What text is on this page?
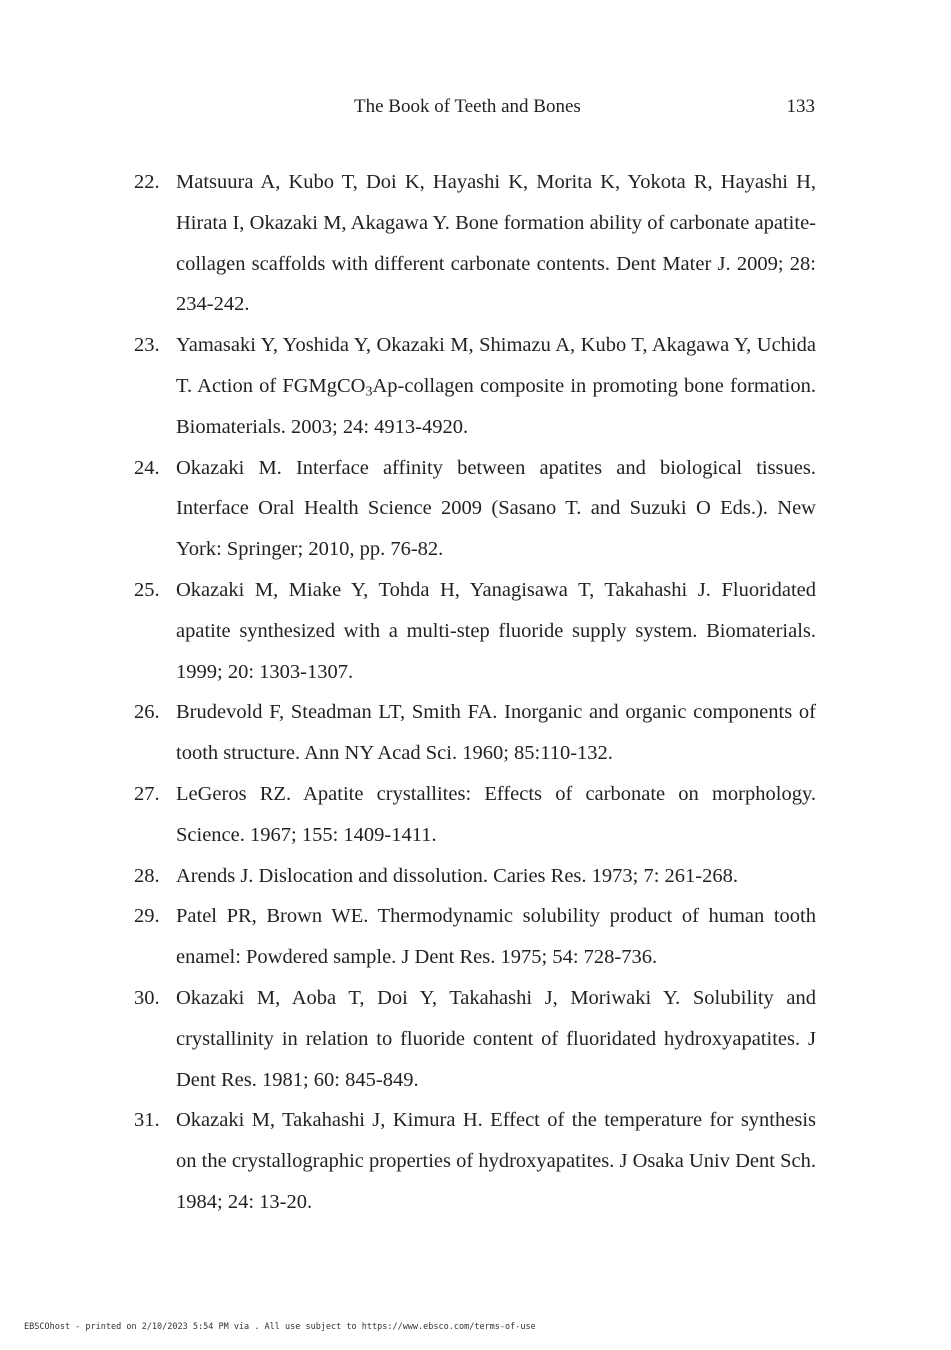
The Book of Teeth and Bones	133
22. Matsuura A, Kubo T, Doi K, Hayashi K, Morita K, Yokota R, Hayashi H, Hirata I, Okazaki M, Akagawa Y. Bone formation ability of carbonate apatite-collagen scaffolds with different carbonate contents. Dent Mater J. 2009; 28: 234-242.
23. Yamasaki Y, Yoshida Y, Okazaki M, Shimazu A, Kubo T, Akagawa Y, Uchida T. Action of FGMgCO$_3$Ap-collagen composite in promoting bone formation. Biomaterials. 2003; 24: 4913-4920.
24. Okazaki M. Interface affinity between apatites and biological tissues. Interface Oral Health Science 2009 (Sasano T. and Suzuki O Eds.). New York: Springer; 2010, pp. 76-82.
25. Okazaki M, Miake Y, Tohda H, Yanagisawa T, Takahashi J. Fluoridated apatite synthesized with a multi-step fluoride supply system. Biomaterials. 1999; 20: 1303-1307.
26. Brudevold F, Steadman LT, Smith FA. Inorganic and organic components of tooth structure. Ann NY Acad Sci. 1960; 85:110-132.
27. LeGeros RZ. Apatite crystallites: Effects of carbonate on morphology. Science. 1967; 155: 1409-1411.
28. Arends J. Dislocation and dissolution. Caries Res. 1973; 7: 261-268.
29. Patel PR, Brown WE. Thermodynamic solubility product of human tooth enamel: Powdered sample. J Dent Res. 1975; 54: 728-736.
30. Okazaki M, Aoba T, Doi Y, Takahashi J, Moriwaki Y. Solubility and crystallinity in relation to fluoride content of fluoridated hydroxyapatites. J Dent Res. 1981; 60: 845-849.
31. Okazaki M, Takahashi J, Kimura H. Effect of the temperature for synthesis on the crystallographic properties of hydroxyapatites. J Osaka Univ Dent Sch. 1984; 24: 13-20.
EBSCOhost - printed on 2/10/2023 5:54 PM via . All use subject to https://www.ebsco.com/terms-of-use
